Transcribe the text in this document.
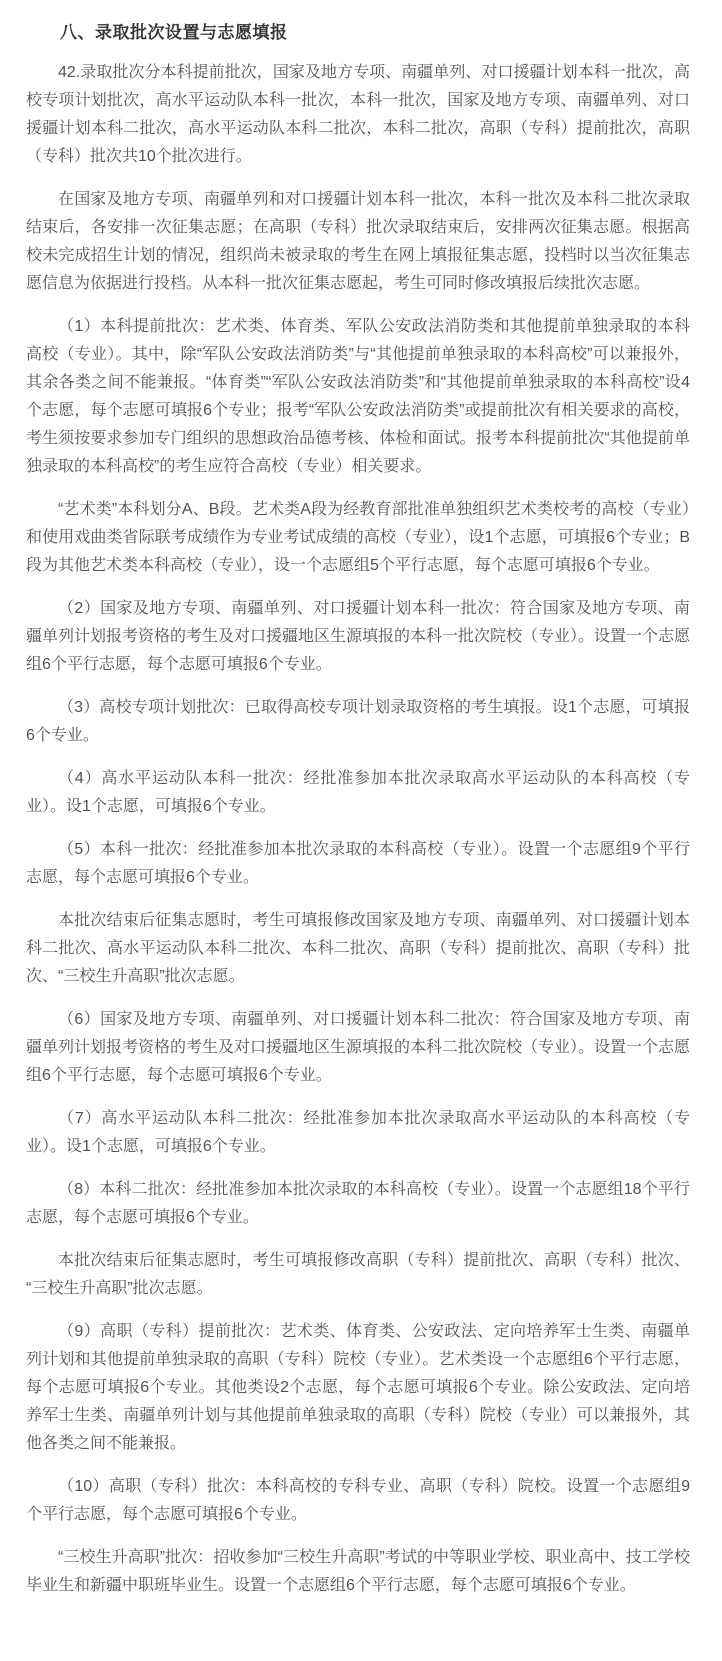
八、录取批次设置与志愿填报

42.录取批次分本科提前批次，国家及地方专项、南疆单列、对口援疆计划本科一批次，高校专项计划批次，高水平运动队本科一批次，本科一批次，国家及地方专项、南疆单列、对口援疆计划本科二批次，高水平运动队本科二批次，本科二批次，高职（专科）提前批次，高职（专科）批次共10个批次进行。

在国家及地方专项、南疆单列和对口援疆计划本科一批次，本科一批次及本科二批次录取结束后，各安排一次征集志愿；在高职（专科）批次录取结束后，安排两次征集志愿。根据高校未完成招生计划的情况，组织尚未被录取的考生在网上填报征集志愿，投档时以当次征集志愿信息为依据进行投档。从本科一批次征集志愿起，考生可同时修改填报后续批次志愿。

（1）本科提前批次：艺术类、体育类、军队公安政法消防类和其他提前单独录取的本科高校（专业）。其中，除“军队公安政法消防类”与“其他提前单独录取的本科高校”可以兼报外，其余各类之间不能兼报。“体育类”“军队公安政法消防类”和“其他提前单独录取的本科高校”设4个志愿，每个志愿可填报6个专业；报考“军队公安政法消防类”或提前批次有相关要求的高校，考生须按要求参加专门组织的思想政治品德考核、体检和面试。报考本科提前批次“其他提前单独录取的本科高校”的考生应符合高校（专业）相关要求。

“艺术类”本科划分A、B段。艺术类A段为经教育部批准单独组织艺术类校考的高校（专业）和使用戏曲类省际联考成绩作为专业考试成绩的高校（专业），设1个志愿，可填报6个专业；B段为其他艺术类本科高校（专业），设一个志愿组5个平行志愿，每个志愿可填报6个专业。

（2）国家及地方专项、南疆单列、对口援疆计划本科一批次：符合国家及地方专项、南疆单列计划报考资格的考生及对口援疆地区生源填报的本科一批次院校（专业）。设置一个志愿组6个平行志愿，每个志愿可填报6个专业。

（3）高校专项计划批次：已取得高校专项计划录取资格的考生填报。设1个志愿，可填报6个专业。

（4）高水平运动队本科一批次：经批准参加本批次录取高水平运动队的本科高校（专业）。设1个志愿，可填报6个专业。

（5）本科一批次：经批准参加本批次录取的本科高校（专业）。设置一个志愿组9个平行志愿，每个志愿可填报6个专业。

本批次结束后征集志愿时，考生可填报修改国家及地方专项、南疆单列、对口援疆计划本科二批次、高水平运动队本科二批次、本科二批次、高职（专科）提前批次、高职（专科）批次、“三校生升高职”批次志愿。

（6）国家及地方专项、南疆单列、对口援疆计划本科二批次：符合国家及地方专项、南疆单列计划报考资格的考生及对口援疆地区生源填报的本科二批次院校（专业）。设置一个志愿组6个平行志愿，每个志愿可填报6个专业。

（7）高水平运动队本科二批次：经批准参加本批次录取高水平运动队的本科高校（专业）。设1个志愿，可填报6个专业。

（8）本科二批次：经批准参加本批次录取的本科高校（专业）。设置一个志愿组18个平行志愿，每个志愿可填报6个专业。

本批次结束后征集志愿时，考生可填报修改高职（专科）提前批次、高职（专科）批次、“三校生升高职”批次志愿。

（9）高职（专科）提前批次：艺术类、体育类、公安政法、定向培养军士生类、南疆单列计划和其他提前单独录取的高职（专科）院校（专业）。艺术类设一个志愿组6个平行志愿，每个志愿可填报6个专业。其他类设2个志愿，每个志愿可填报6个专业。除公安政法、定向培养军士生类、南疆单列计划与其他提前单独录取的高职（专科）院校（专业）可以兼报外，其他各类之间不能兼报。

（10）高职（专科）批次：本科高校的专科专业、高职（专科）院校。设置一个志愿组9个平行志愿，每个志愿可填报6个专业。

“三校生升高职”批次：招收参加“三校生升高职”考试的中等职业学校、职业高中、技工学校毕业生和新疆中职班毕业生。设置一个志愿组6个平行志愿，每个志愿可填报6个专业。
